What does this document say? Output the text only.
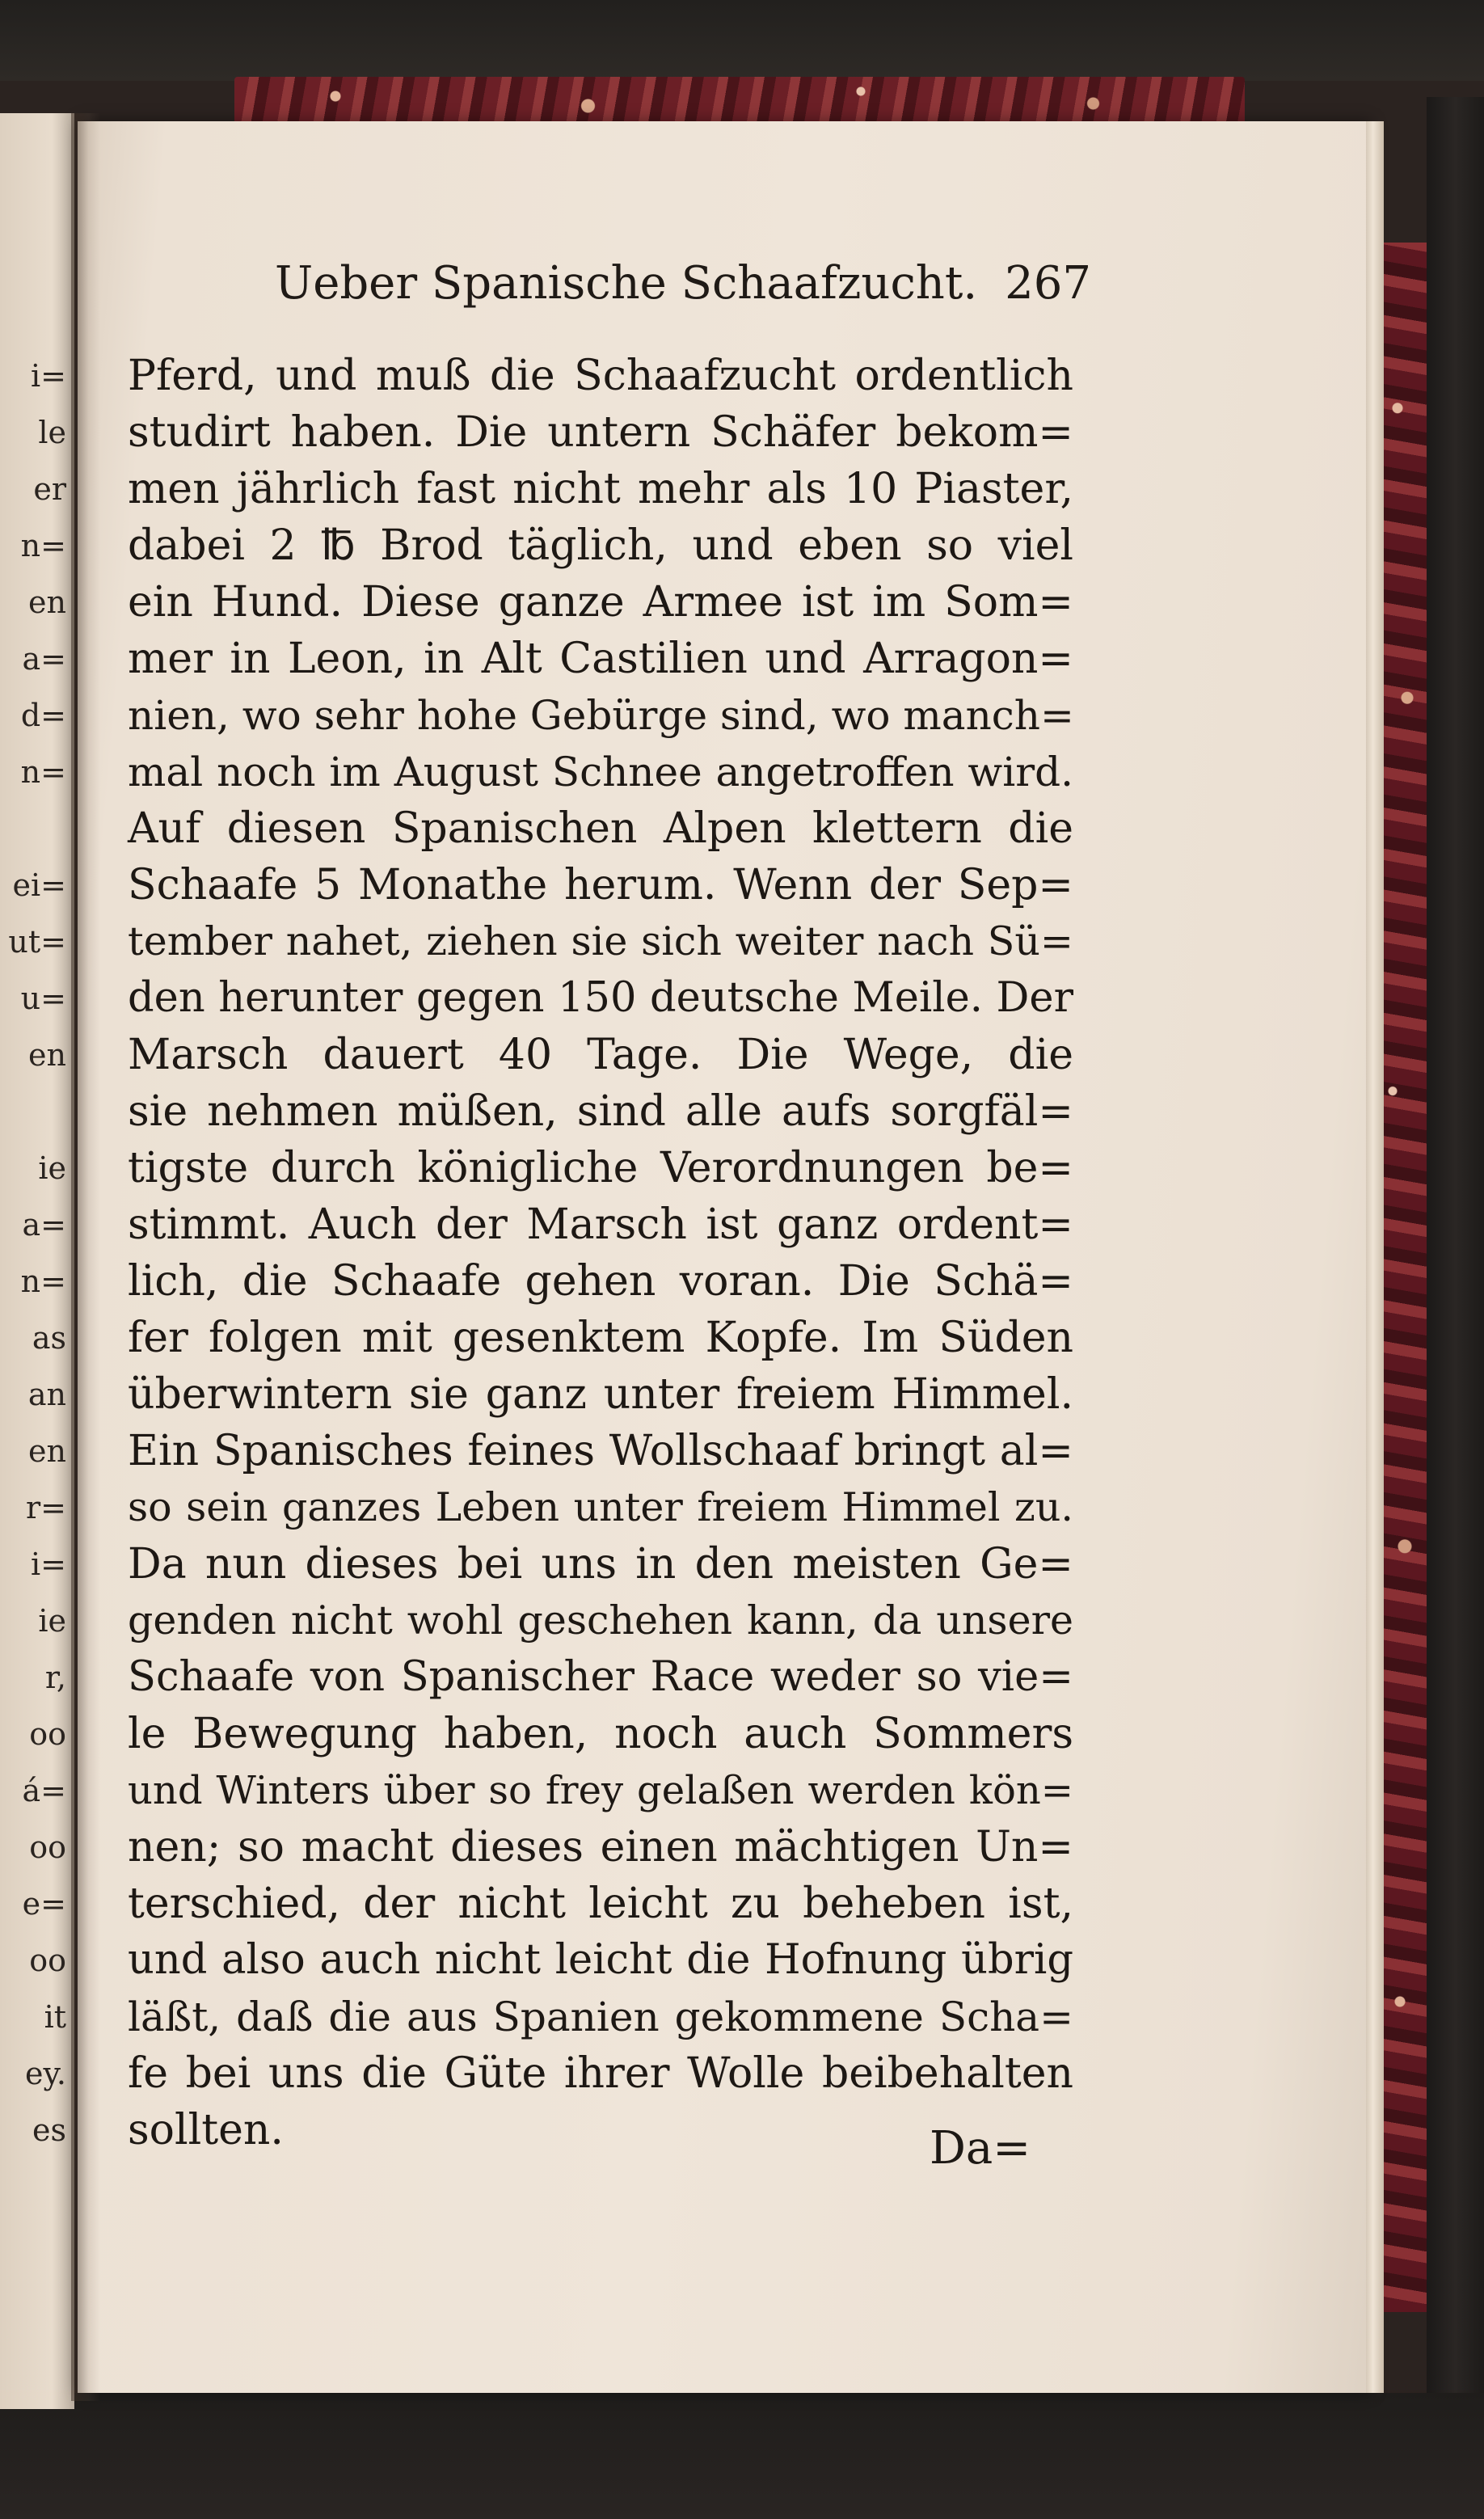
i=
le
er
n=
en
a=
d=
n=
ei=
ut=
u=
en
ie
a=
n=
as
an
en
r=
i=
ie
r,
oo
á=
oo
e=
oo
it
ey.
es
Ueber Spanische Schaafzucht. 267
Pferd, und muß die Schaafzucht ordentlich
studirt haben. Die untern Schäfer bekom=
men jährlich fast nicht mehr als 10 Piaster,
dabei 2 ℔ Brod täglich, und eben so viel
ein Hund. Diese ganze Armee ist im Som=
mer in Leon, in Alt Castilien und Arragon=
nien, wo sehr hohe Gebürge sind, wo manch=
mal noch im August Schnee angetroffen wird.
Auf diesen Spanischen Alpen klettern die
Schaafe 5 Monathe herum. Wenn der Sep=
tember nahet, ziehen sie sich weiter nach Sü=
den herunter gegen 150 deutsche Meile. Der
Marsch dauert 40 Tage. Die Wege, die
sie nehmen müßen, sind alle aufs sorgfäl=
tigste durch königliche Verordnungen be=
stimmt. Auch der Marsch ist ganz ordent=
lich, die Schaafe gehen voran. Die Schä=
fer folgen mit gesenktem Kopfe. Im Süden
überwintern sie ganz unter freiem Himmel.
Ein Spanisches feines Wollschaaf bringt al=
so sein ganzes Leben unter freiem Himmel zu.
Da nun dieses bei uns in den meisten Ge=
genden nicht wohl geschehen kann, da unsere
Schaafe von Spanischer Race weder so vie=
le Bewegung haben, noch auch Sommers
und Winters über so frey gelaßen werden kön=
nen; so macht dieses einen mächtigen Un=
terschied, der nicht leicht zu beheben ist,
und also auch nicht leicht die Hofnung übrig
läßt, daß die aus Spanien gekommene Scha=
fe bei uns die Güte ihrer Wolle beibehalten
sollten.	Da=
